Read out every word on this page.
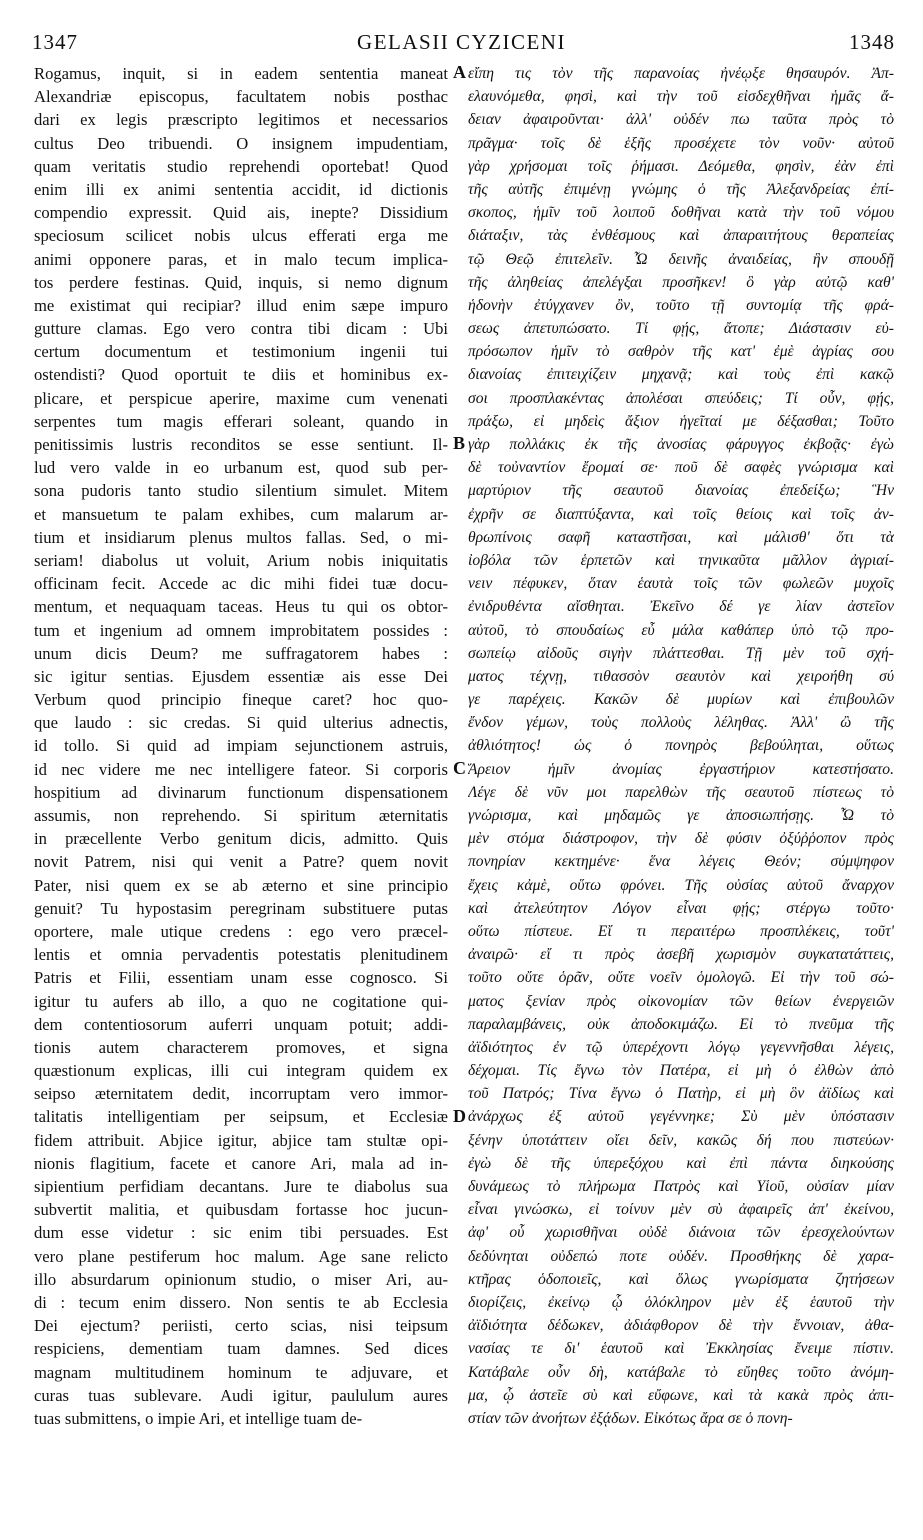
1347	GELASII CYZICENI	1348
Rogamus, inquit, si in eadem sententia maneat
Alexandriæ episcopus, facultatem nobis posthac
dari ex legis præscripto legitimos et necessarios
cultus Deo tribuendi. O insignem impudentiam,
quam veritatis studio reprehendi oportebat! Quod
enim illi ex animi sententia accidit, id dictionis
compendio expressit. Quid ais, inepte? Dissidium
speciosum scilicet nobis ulcus efferati erga me
animi opponere paras, et in malo tecum implica-
tos perdere festinas. Quid, inquis, si nemo dignum
me existimat qui recipiar? illud enim sæpe impuro
gutture clamas. Ego vero contra tibi dicam : Ubi
certum documentum et testimonium ingenii tui
ostendisti? Quod oportuit te diis et hominibus ex-
plicare, et perspicue aperire, maxime cum venenati
serpentes tum magis efferari soleant, quando in
penitissimis lustris reconditos se esse sentiunt. Il-
lud vero valde in eo urbanum est, quod sub per-
sona pudoris tanto studio silentium simulet. Mitem
et mansuetum te palam exhibes, cum malarum ar-
tium et insidiarum plenus multos fallas. Sed, o mi-
seriam! diabolus ut voluit, Arium nobis iniquitatis
officinam fecit. Accede ac dic mihi fidei tuæ docu-
mentum, et nequaquam taceas. Heus tu qui os obtor-
tum et ingenium ad omnem improbitatem possides :
unum dicis Deum? me suffragatorem habes :
sic igitur sentias. Ejusdem essentiæ ais esse Dei
Verbum quod principio fineque caret? hoc quo-
que laudo : sic credas. Si quid ulterius adnectis,
id tollo. Si quid ad impiam sejunctionem astruis,
id nec videre me nec intelligere fateor. Si corporis
hospitium ad divinarum functionum dispensationem
assumis, non reprehendo. Si spiritum æternitatis
in præcellente Verbo genitum dicis, admitto. Quis
novit Patrem, nisi qui venit a Patre? quem novit
Pater, nisi quem ex se ab æterno et sine principio
genuit? Tu hypostasim peregrinam substituere putas
oportere, male utique credens : ego vero præcel-
lentis et omnia pervadentis potestatis plenitudinem
Patris et Filii, essentiam unam esse cognosco. Si
igitur tu aufers ab illo, a quo ne cogitatione qui-
dem contentiosorum auferri unquam potuit; addi-
tionis autem characterem promoves, et signa
quæstionum explicas, illi cui integram quidem ex
seipso æternitatem dedit, incorruptam vero immor-
talitatis intelligentiam per seipsum, et Ecclesiæ
fidem attribuit. Abjice igitur, abjice tam stultæ opi-
nionis flagitium, facete et canore Ari, mala ad in-
sipientium perfidiam decantans. Jure te diabolus sua
subvertit malitia, et quibusdam fortasse hoc jucun-
dum esse videtur : sic enim tibi persuades. Est
vero plane pestiferum hoc malum. Age sane relicto
illo absurdarum opinionum studio, o miser Ari, au-
di : tecum enim dissero. Non sentis te ab Ecclesia
Dei ejectum? periisti, certo scias, nisi teipsum
respiciens, dementiam tuam damnes. Sed dices
magnam multitudinem hominum te adjuvare, et
curas tuas sublevare. Audi igitur, paululum aures
tuas submittens, o impie Ari, et intellige tuam de-
εἴπη τις τὸν τῆς παρανοίας ἠνέῳξε θησαυρόν. Ἀπ-
ελαυνόμεθα, φησὶ, καὶ τὴν τοῦ εἰσδεχθῆναι ἡμᾶς ἄ-
δειαν ἀφαιροῦνται· ἀλλ' οὐδέν πω ταῦτα πρὸς τὸ
πρᾶγμα· τοῖς δὲ ἑξῆς προσέχετε τὸν νοῦν· αὐτοῦ
γὰρ χρήσομαι τοῖς ῥήμασι. Δεόμεθα, φησὶν, ἐὰν ἐπὶ
τῆς αὐτῆς ἐπιμένῃ γνώμης ὁ τῆς Ἀλεξανδρείας ἐπί-
σκοπος, ἡμῖν τοῦ λοιποῦ δοθῆναι κατὰ τὴν τοῦ νόμου
διάταξιν, τὰς ἐνθέσμους καὶ ἀπαραιτήτους θεραπείας
τῷ Θεῷ ἐπιτελεῖν. Ὦ δεινῆς ἀναιδείας, ἣν σπουδῇ
τῆς ἀληθείας ἀπελέγξαι προσῆκεν! ὃ γὰρ αὐτῷ καθ'
ἡδονὴν ἐτύγχανεν ὂν, τοῦτο τῇ συντομίᾳ τῆς φρά-
σεως ἀπετυπώσατο. Τί φῄς, ἄτοπε; Διάστασιν εὐ-
πρόσωπον ἡμῖν τὸ σαθρὸν τῆς κατ' ἐμὲ ἀγρίας σου
διανοίας ἐπιτειχίζειν μηχανᾷ; καὶ τοὺς ἐπὶ κακῷ
σοι προσπλακέντας ἀπολέσαι σπεύδεις; Τί οὖν, φῄς,
πράξω, εἰ μηδεὶς ἄξιον ἡγεῖταί με δέξασθαι; Τοῦτο
γὰρ πολλάκις ἐκ τῆς ἀνοσίας φάρυγγος ἐκβοᾷς· ἐγὼ
δὲ τοὐναντίον ἔρομαί σε· ποῦ δὲ σαφὲς γνώρισμα καὶ
μαρτύριον τῆς σεαυτοῦ διανοίας ἐπεδείξω; Ἣν
ἐχρῆν σε διαπτύξαντα, καὶ τοῖς θείοις καὶ τοῖς ἀν-
θρωπίνοις σαφῆ καταστῆσαι, καὶ μάλισθ' ὅτι τὰ
ἰοβόλα τῶν ἑρπετῶν καὶ τηνικαῦτα μᾶλλον ἀγριαί-
νειν πέφυκεν, ὅταν ἑαυτὰ τοῖς τῶν φωλεῶν μυχοῖς
ἐνιδρυθέντα αἴσθηται. Ἐκεῖνο δέ γε λίαν ἀστεῖον
αὐτοῦ, τὸ σπουδαίως εὖ μάλα καθάπερ ὑπὸ τῷ προ-
σωπείῳ αἰδοῦς σιγὴν πλάττεσθαι. Τῇ μὲν τοῦ σχή-
ματος τέχνῃ, τιθασσὸν σεαυτὸν καὶ χειροήθη σύ
γε παρέχεις. Κακῶν δὲ μυρίων καὶ ἐπιβουλῶν
ἔνδον γέμων, τοὺς πολλοὺς λέληθας. Ἀλλ' ὢ τῆς
ἀθλιότητος! ὡς ὁ πονηρὸς βεβούληται, οὕτως
Ἄρειον ἡμῖν ἀνομίας ἐργαστήριον κατεστήσατο.
Λέγε δὲ νῦν μοι παρελθὼν τῆς σεαυτοῦ πίστεως τὸ
γνώρισμα, καὶ μηδαμῶς γε ἀποσιωπήσῃς. Ὦ τὸ
μὲν στόμα διάστροφον, τὴν δὲ φύσιν ὀξύῤῥοπον πρὸς
πονηρίαν κεκτημένε· ἕνα λέγεις Θεόν; σύμψηφον
ἔχεις κἀμὲ, οὕτω φρόνει. Τῆς οὐσίας αὐτοῦ ἄναρχον
καὶ ἀτελεύτητον Λόγον εἶναι φῄς; στέργω τοῦτο·
οὕτω πίστευε. Εἴ τι περαιτέρω προσπλέκεις, τοῦτ'
ἀναιρῶ· εἴ τι πρὸς ἀσεβῆ χωρισμὸν συγκατατάττεις,
τοῦτο οὔτε ὁρᾶν, οὔτε νοεῖν ὁμολογῶ. Εἰ τὴν τοῦ σώ-
ματος ξενίαν πρὸς οἰκονομίαν τῶν θείων ἐνεργειῶν
παραλαμβάνεις, οὐκ ἀποδοκιμάζω. Εἰ τὸ πνεῦμα τῆς
ἀϊδιότητος ἐν τῷ ὑπερέχοντι λόγῳ γεγεννῆσθαι λέγεις,
δέχομαι. Τίς ἔγνω τὸν Πατέρα, εἰ μὴ ὁ ἐλθὼν ἀπὸ
τοῦ Πατρός; Τίνα ἔγνω ὁ Πατὴρ, εἰ μὴ ὃν ἀϊδίως καὶ
ἀνάρχως ἐξ αὐτοῦ γεγέννηκε; Σὺ μὲν ὑπόστασιν
ξένην ὑποτάττειν οἴει δεῖν, κακῶς δή που πιστεύων·
ἐγὼ δὲ τῆς ὑπερεξόχου καὶ ἐπὶ πάντα διηκούσης
δυνάμεως τὸ πλήρωμα Πατρὸς καὶ Υἱοῦ, οὐσίαν μίαν
εἶναι γινώσκω, εἰ τοίνυν μὲν σὺ ἀφαιρεῖς ἀπ' ἐκείνου,
ἀφ' οὗ χωρισθῆναι οὐδὲ διάνοια τῶν ἐρεσχελούντων
δεδύνηται οὐδεπώ ποτε οὐδέν. Προσθήκης δὲ χαρα-
κτῆρας ὁδοποιεῖς, καὶ ὅλως γνωρίσματα ζητήσεων
διορίζεις, ἐκείνῳ ᾧ ὁλόκληρον μὲν ἐξ ἑαυτοῦ τὴν
ἀϊδιότητα δέδωκεν, ἀδιάφθορον δὲ τὴν ἔννοιαν, ἀθα-
νασίας τε δι' ἑαυτοῦ καὶ Ἐκκλησίας ἔνειμε πίστιν.
Κατάβαλε οὖν δὴ, κατάβαλε τὸ εὔηθες τοῦτο ἀνόμη-
μα, ᾧ ἀστεῖε σὺ καὶ εὔφωνε, καὶ τὰ κακὰ πρὸς ἀπι-
στίαν τῶν ἀνοήτων ἐξᾴδων. Εἰκότως ἄρα σε ὁ πονη-
A
B
C
D
